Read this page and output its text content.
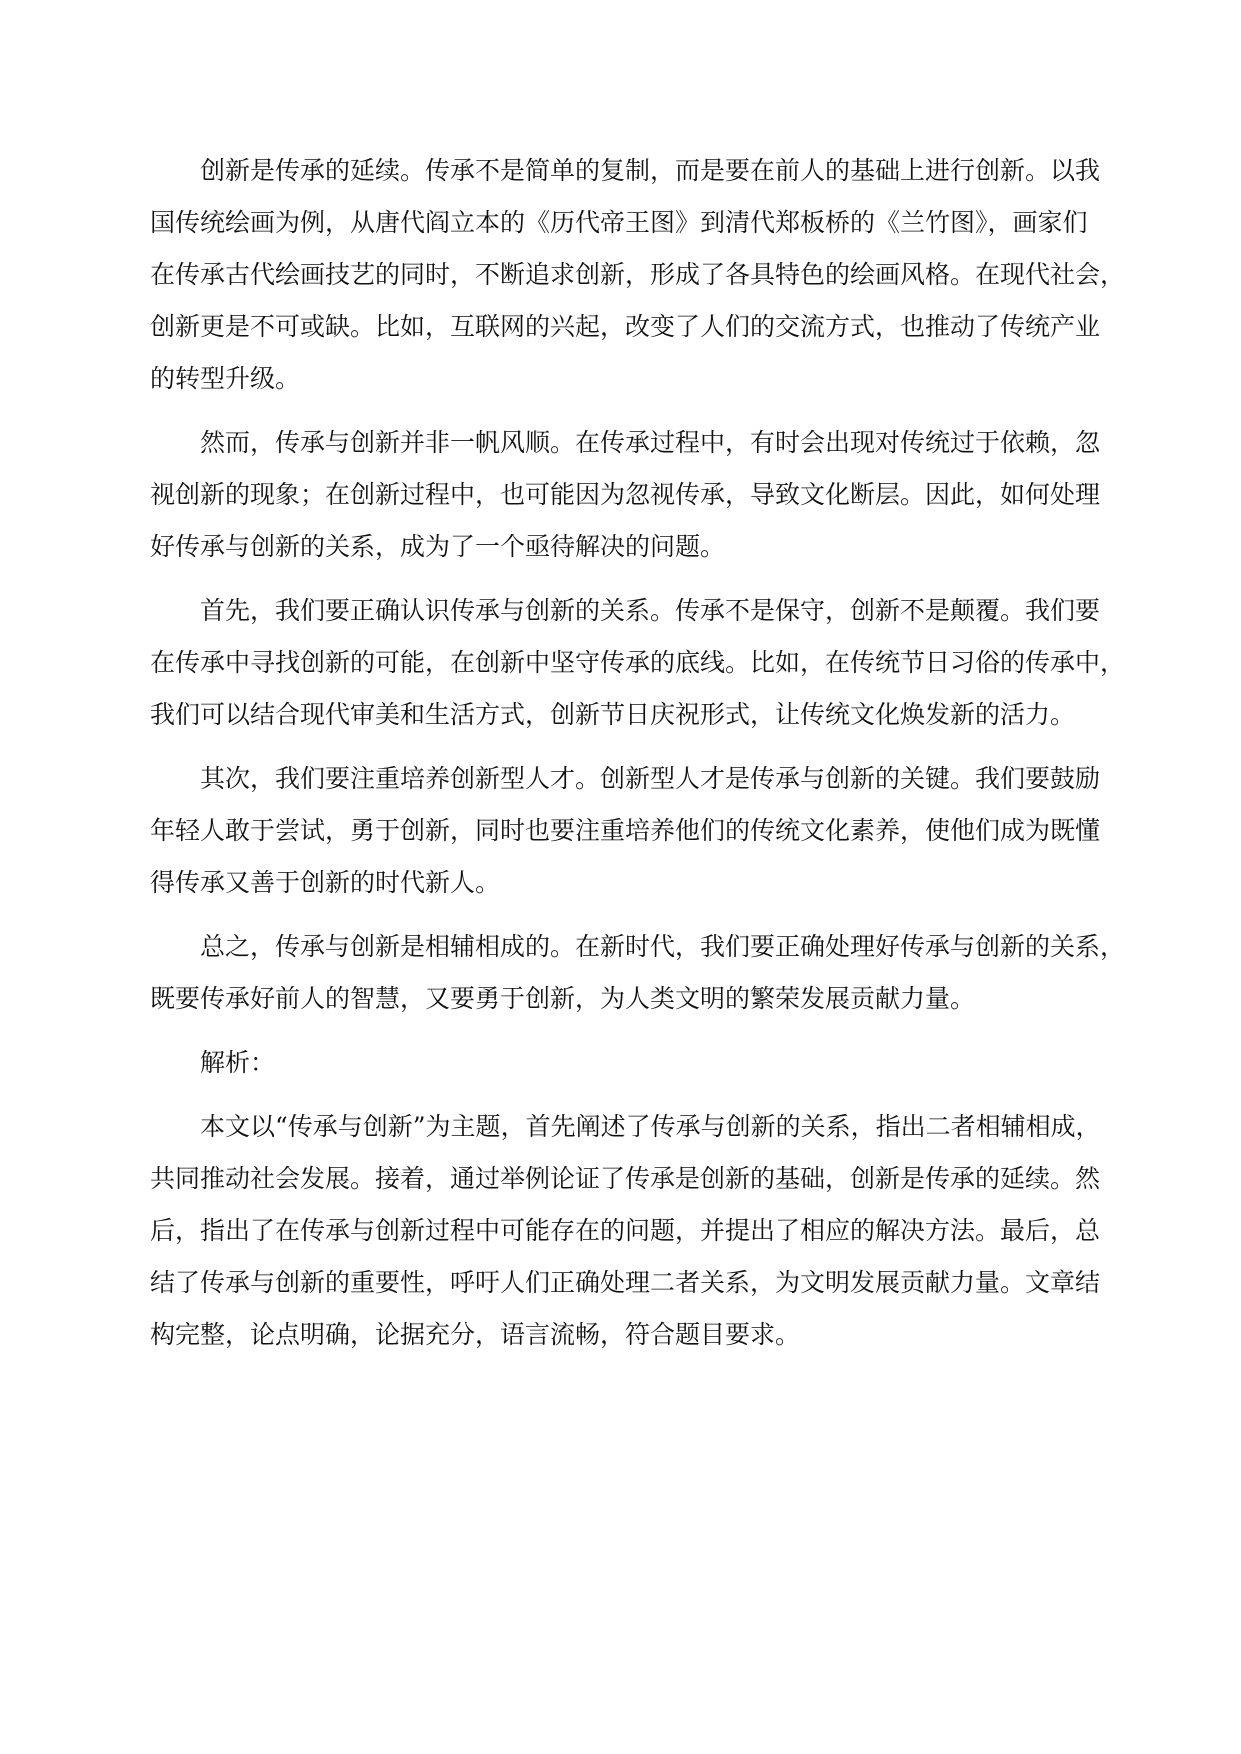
创新是传承的延续。传承不是简单的复制，而是要在前人的基础上进行创新。以我
国传统绘画为例，从唐代阎立本的《历代帝王图》到清代郑板桥的《兰竹图》，画家们
在传承古代绘画技艺的同时，不断追求创新，形成了各具特色的绘画风格。在现代社会，
创新更是不可或缺。比如，互联网的兴起，改变了人们的交流方式，也推动了传统产业
的转型升级。
然而，传承与创新并非一帆风顺。在传承过程中，有时会出现对传统过于依赖，忽
视创新的现象；在创新过程中，也可能因为忽视传承，导致文化断层。因此，如何处理
好传承与创新的关系，成为了一个亟待解决的问题。
首先，我们要正确认识传承与创新的关系。传承不是保守，创新不是颠覆。我们要
在传承中寻找创新的可能，在创新中坚守传承的底线。比如，在传统节日习俗的传承中，
我们可以结合现代审美和生活方式，创新节日庆祝形式，让传统文化焕发新的活力。
其次，我们要注重培养创新型人才。创新型人才是传承与创新的关键。我们要鼓励
年轻人敢于尝试，勇于创新，同时也要注重培养他们的传统文化素养，使他们成为既懂
得传承又善于创新的时代新人。
总之，传承与创新是相辅相成的。在新时代，我们要正确处理好传承与创新的关系，
既要传承好前人的智慧，又要勇于创新，为人类文明的繁荣发展贡献力量。
解析：
本文以“传承与创新”为主题，首先阐述了传承与创新的关系，指出二者相辅相成，
共同推动社会发展。接着，通过举例论证了传承是创新的基础，创新是传承的延续。然
后，指出了在传承与创新过程中可能存在的问题，并提出了相应的解决方法。最后，总
结了传承与创新的重要性，呼吁人们正确处理二者关系，为文明发展贡献力量。文章结
构完整，论点明确，论据充分，语言流畅，符合题目要求。
